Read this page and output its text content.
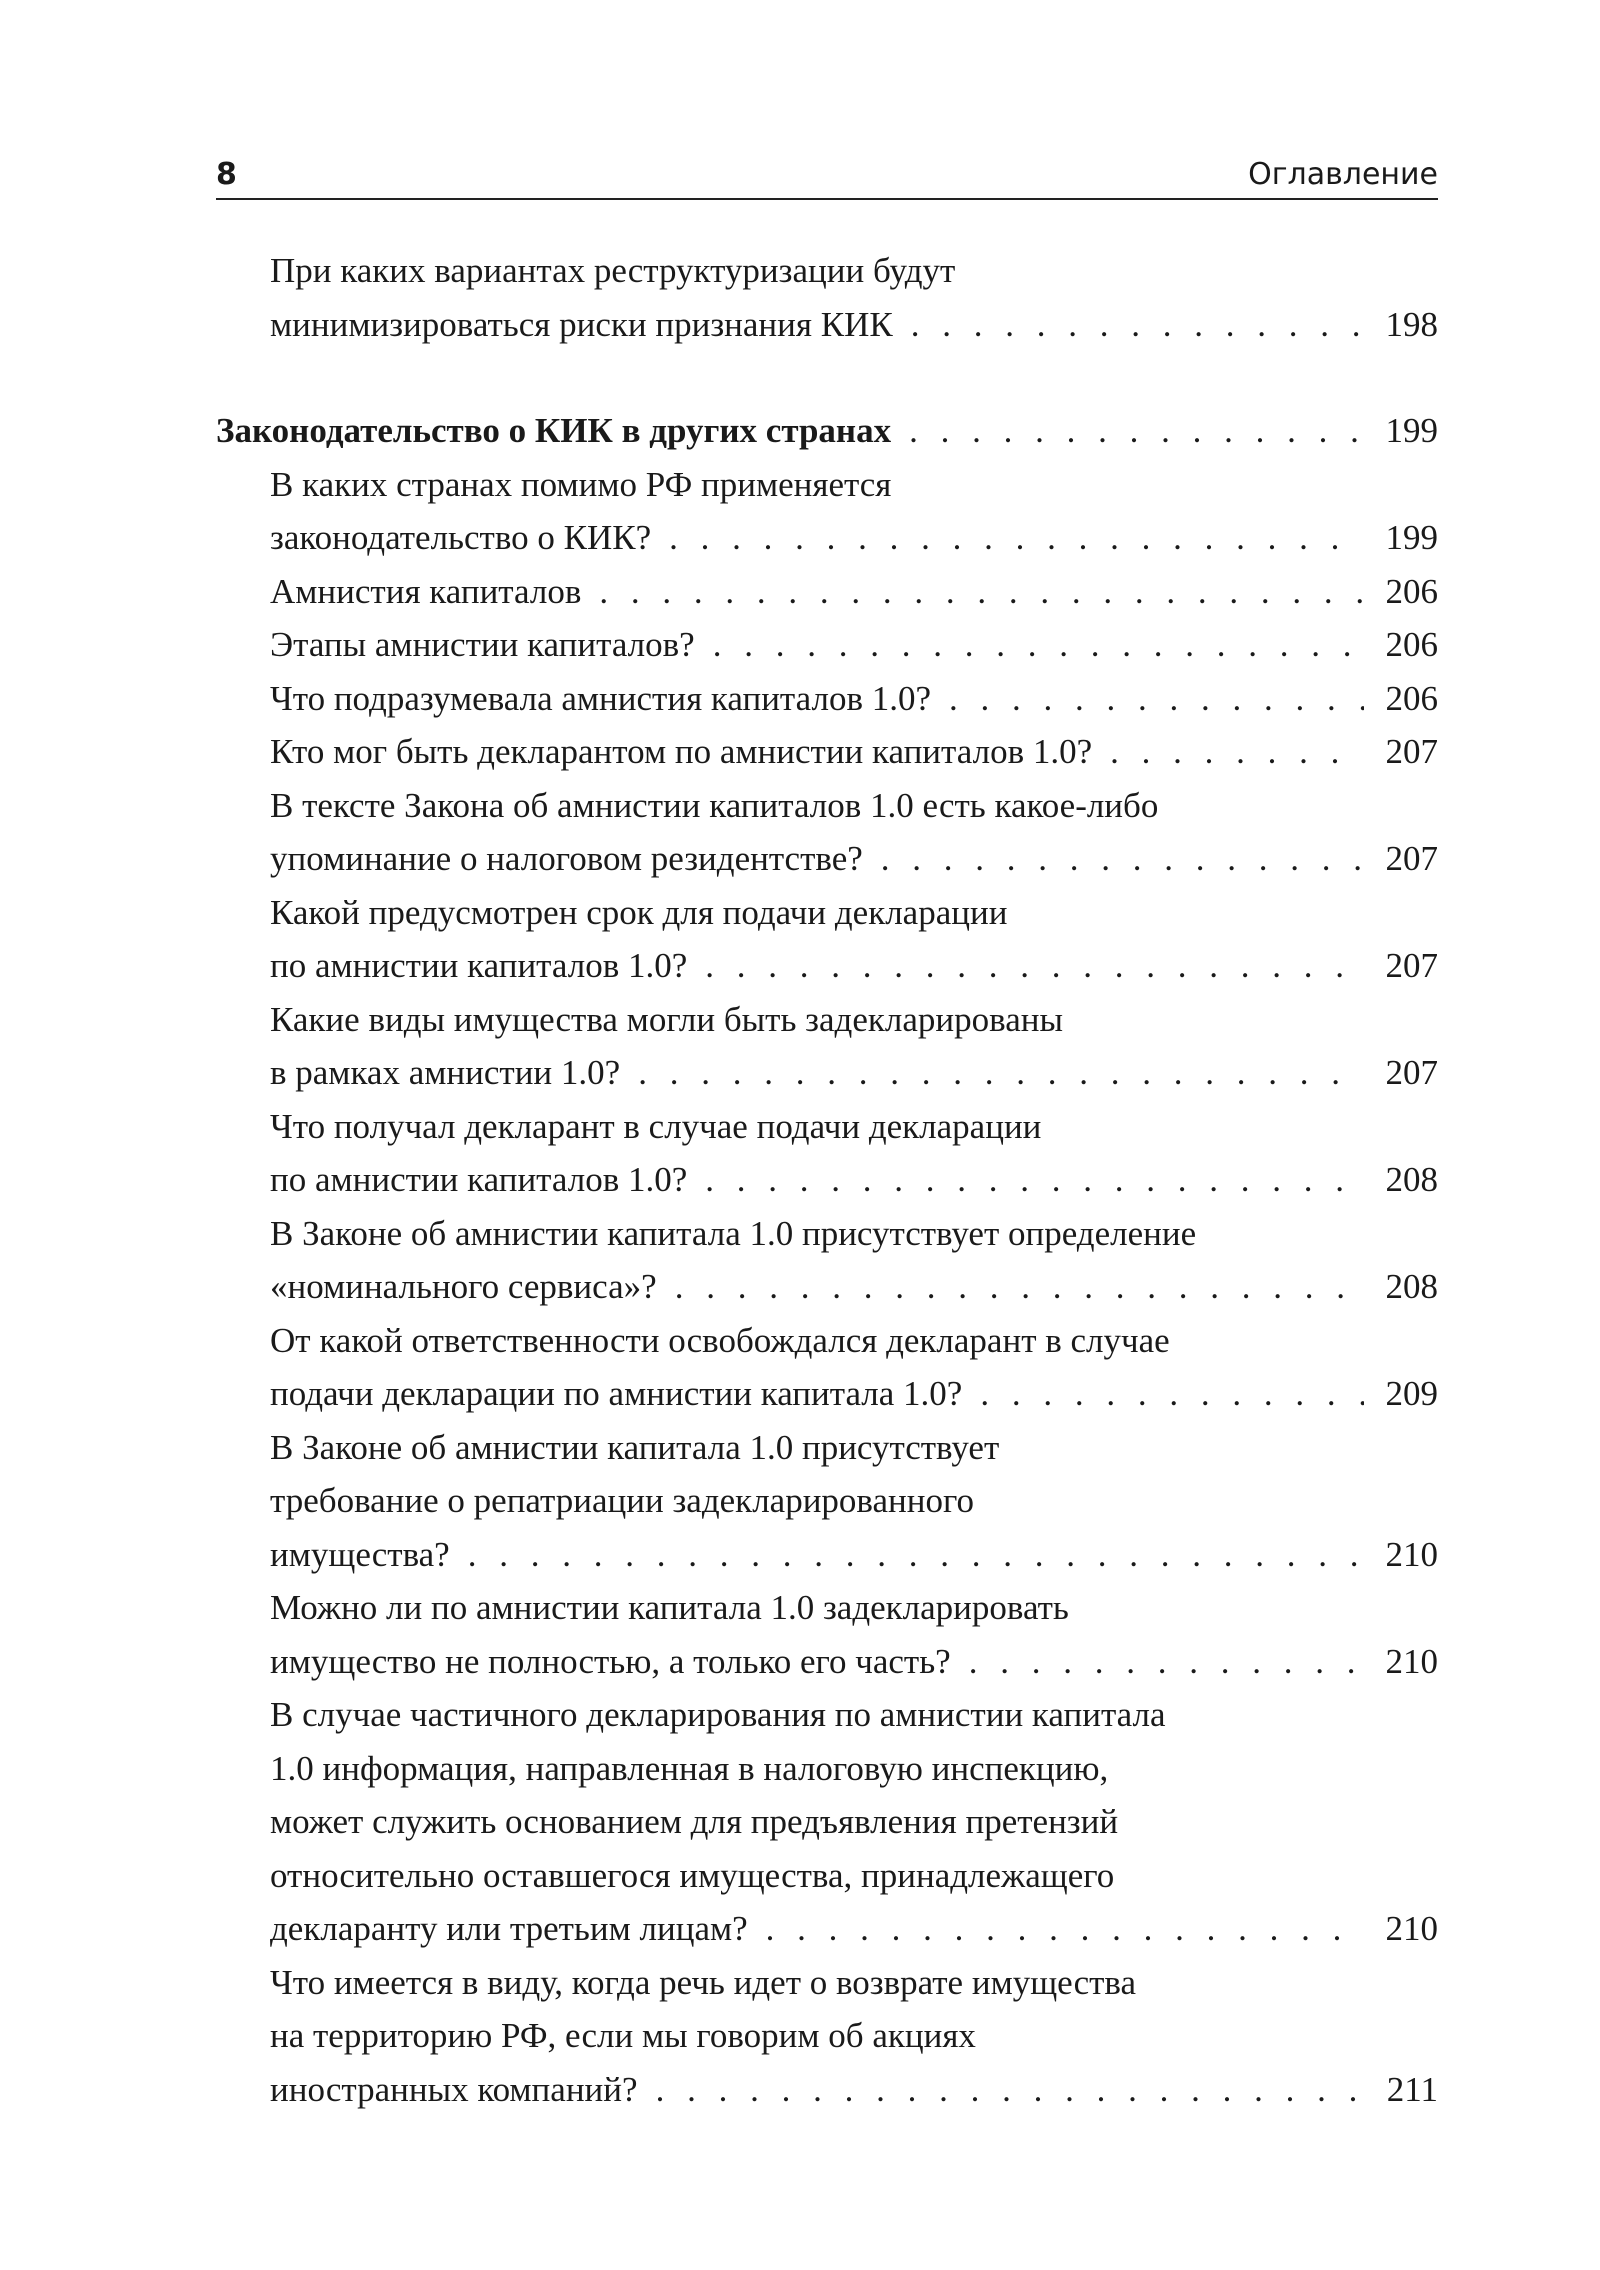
8	Оглавление
При каких вариантах реструктуризации будут
минимизироваться риски признания КИК . . .	198
Законодательство о КИК в других странах . . .	199
В каких странах помимо РФ применяется
законодательство о КИК? . . .	199
Амнистия капиталов . . .	206
Этапы амнистии капиталов? . . .	206
Что подразумевала амнистия капиталов 1.0? . . .	206
Кто мог быть декларантом по амнистии капиталов 1.0? . . .	207
В тексте Закона об амнистии капиталов 1.0 есть какое-либо
упоминание о налоговом резидентстве? . . .	207
Какой предусмотрен срок для подачи декларации
по амнистии капиталов 1.0? . . .	207
Какие виды имущества могли быть задекларированы
в рамках амнистии 1.0? . . .	207
Что получал декларант в случае подачи декларации
по амнистии капиталов 1.0? . . .	208
В Законе об амнистии капитала 1.0 присутствует определение
«номинального сервиса»? . . .	208
От какой ответственности освобождался декларант в случае
подачи декларации по амнистии капитала 1.0? . . .	209
В Законе об амнистии капитала 1.0 присутствует
требование о репатриации задекларированного
имущества? . . .	210
Можно ли по амнистии капитала 1.0 задекларировать
имущество не полностью, а только его часть? . . .	210
В случае частичного декларирования по амнистии капитала
1.0 информация, направленная в налоговую инспекцию,
может служить основанием для предъявления претензий
относительно оставшегося имущества, принадлежащего
декларанту или третьим лицам? . . .	210
Что имеется в виду, когда речь идет о возврате имущества
на территорию РФ, если мы говорим об акциях
иностранных компаний? . . .	211
